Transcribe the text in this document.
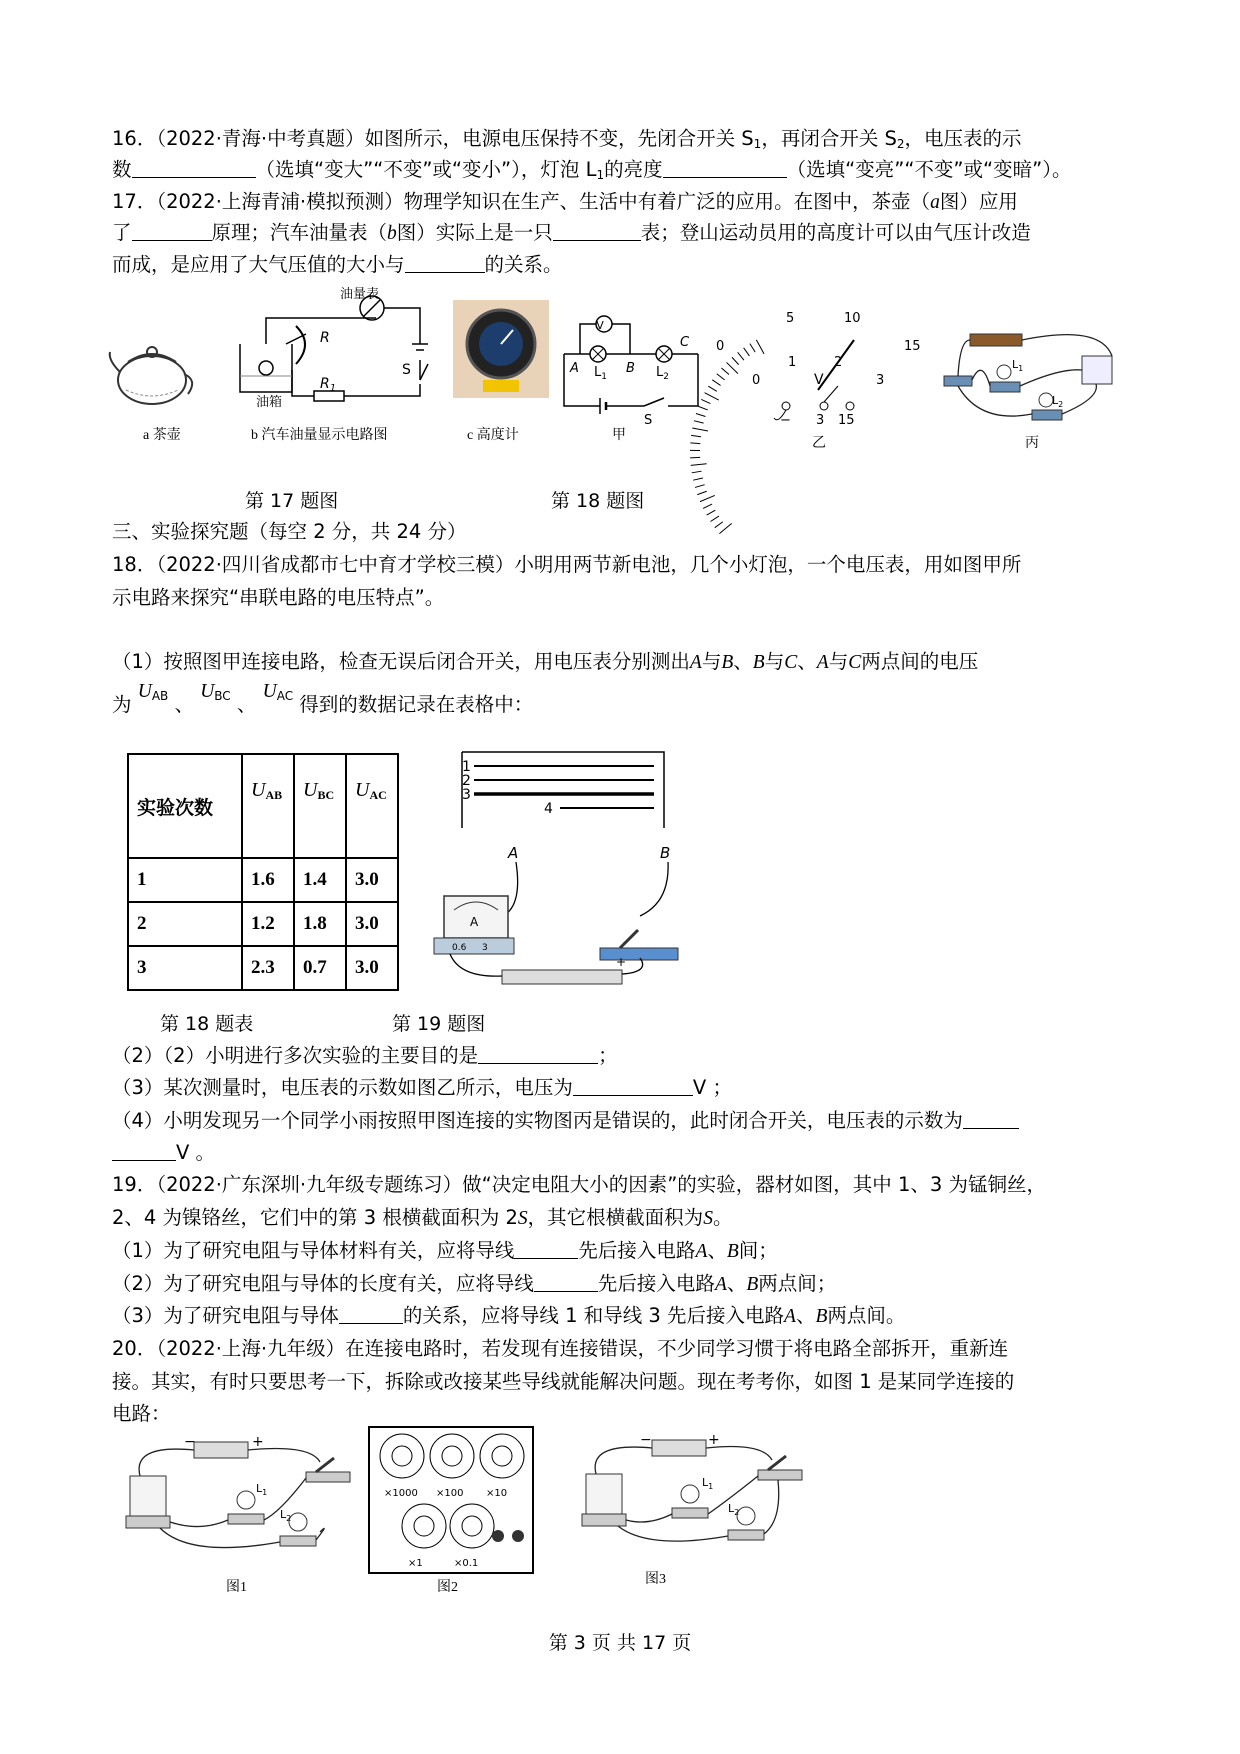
16．（2022·青海·中考真题）如图所示，电源电压保持不变，先闭合开关 $S_1$，再闭合开关 $S_2$，电压表的示
数	（选填“变大”“不变”或“变小”），灯泡 $L_1$的亮度	（选填“变亮”“不变”或“变暗”）。
17．（2022·上海青浦·模拟预测）物理学知识在生产、生活中有着广泛的应用。在图中，茶壶（a图）应用
了	原理；汽车油量表（b图）实际上是一只	表；登山运动员用的高度计可以由气压计改造
而成，是应用了大气压值的大小与	的关系。
a 茶壶
油量表
R
$R_1$
S
油箱
b 汽车油量显示电路图	c 高度计
V
A	B
C
$L_1$	$L_2$
S
甲
V
0
5	10
15
0
1	2
3
− 3 15
乙
$L_1$
$L_2$
丙
第 17 题图	第 18 题图
三、实验探究题（每空 2 分，共 24 分）
18．（2022·四川省成都市七中育才学校三模）小明用两节新电池，几个小灯泡，一个电压表，用如图甲所
示电路来探究“串联电路的电压特点”。
（1）按照图甲连接电路，检查无误后闭合开关，用电压表分别测出A与B、B与C、A与C两点间的电压
为 $U_{AB}$ 、 $U_{BC}$ 、 $U_{AC}$ 得到的数据记录在表格中：
实验次数	$U_{AB}$	$U_{BC}$	$U_{AC}$
1	1.6	1.4	3.0
2	1.2	1.8	3.0
3	2.3	0.7	3.0
1
2
3
4
A	B
A
0.6 3
+
第 18 题表	第 19 题图
（2）（2）小明进行多次实验的主要目的是	；
（3）某次测量时，电压表的示数如图乙所示，电压为	V ；
（4）小明发现另一个同学小雨按照甲图连接的实物图丙是错误的，此时闭合开关，电压表的示数为
V 。
19．（2022·广东深圳·九年级专题练习）做“决定电阻大小的因素”的实验，器材如图，其中 1、3 为锰铜丝，
2、4 为镍铬丝，它们中的第 3 根横截面积为 2S，其它根横截面积为S。
（1）为了研究电阻与导体材料有关，应将导线	先后接入电路A、B间；
（2）为了研究电阻与导体的长度有关，应将导线	先后接入电路A、B两点间；
（3）为了研究电阻与导体	的关系，应将导线 1 和导线 3 先后接入电路A、B两点间。
20．（2022·上海·九年级）在连接电路时，若发现有连接错误，不少同学习惯于将电路全部拆开，重新连
接。其实，有时只要思考一下，拆除或改接某些导线就能解决问题。现在考考你，如图 1 是某同学连接的
电路：
−	+
$L_1$
$L_2$
图1
×1000 ×100 ×10
×1	×0.1
图2
−	+
$L_1$
$L_2$
图3
第 3 页 共 17 页
